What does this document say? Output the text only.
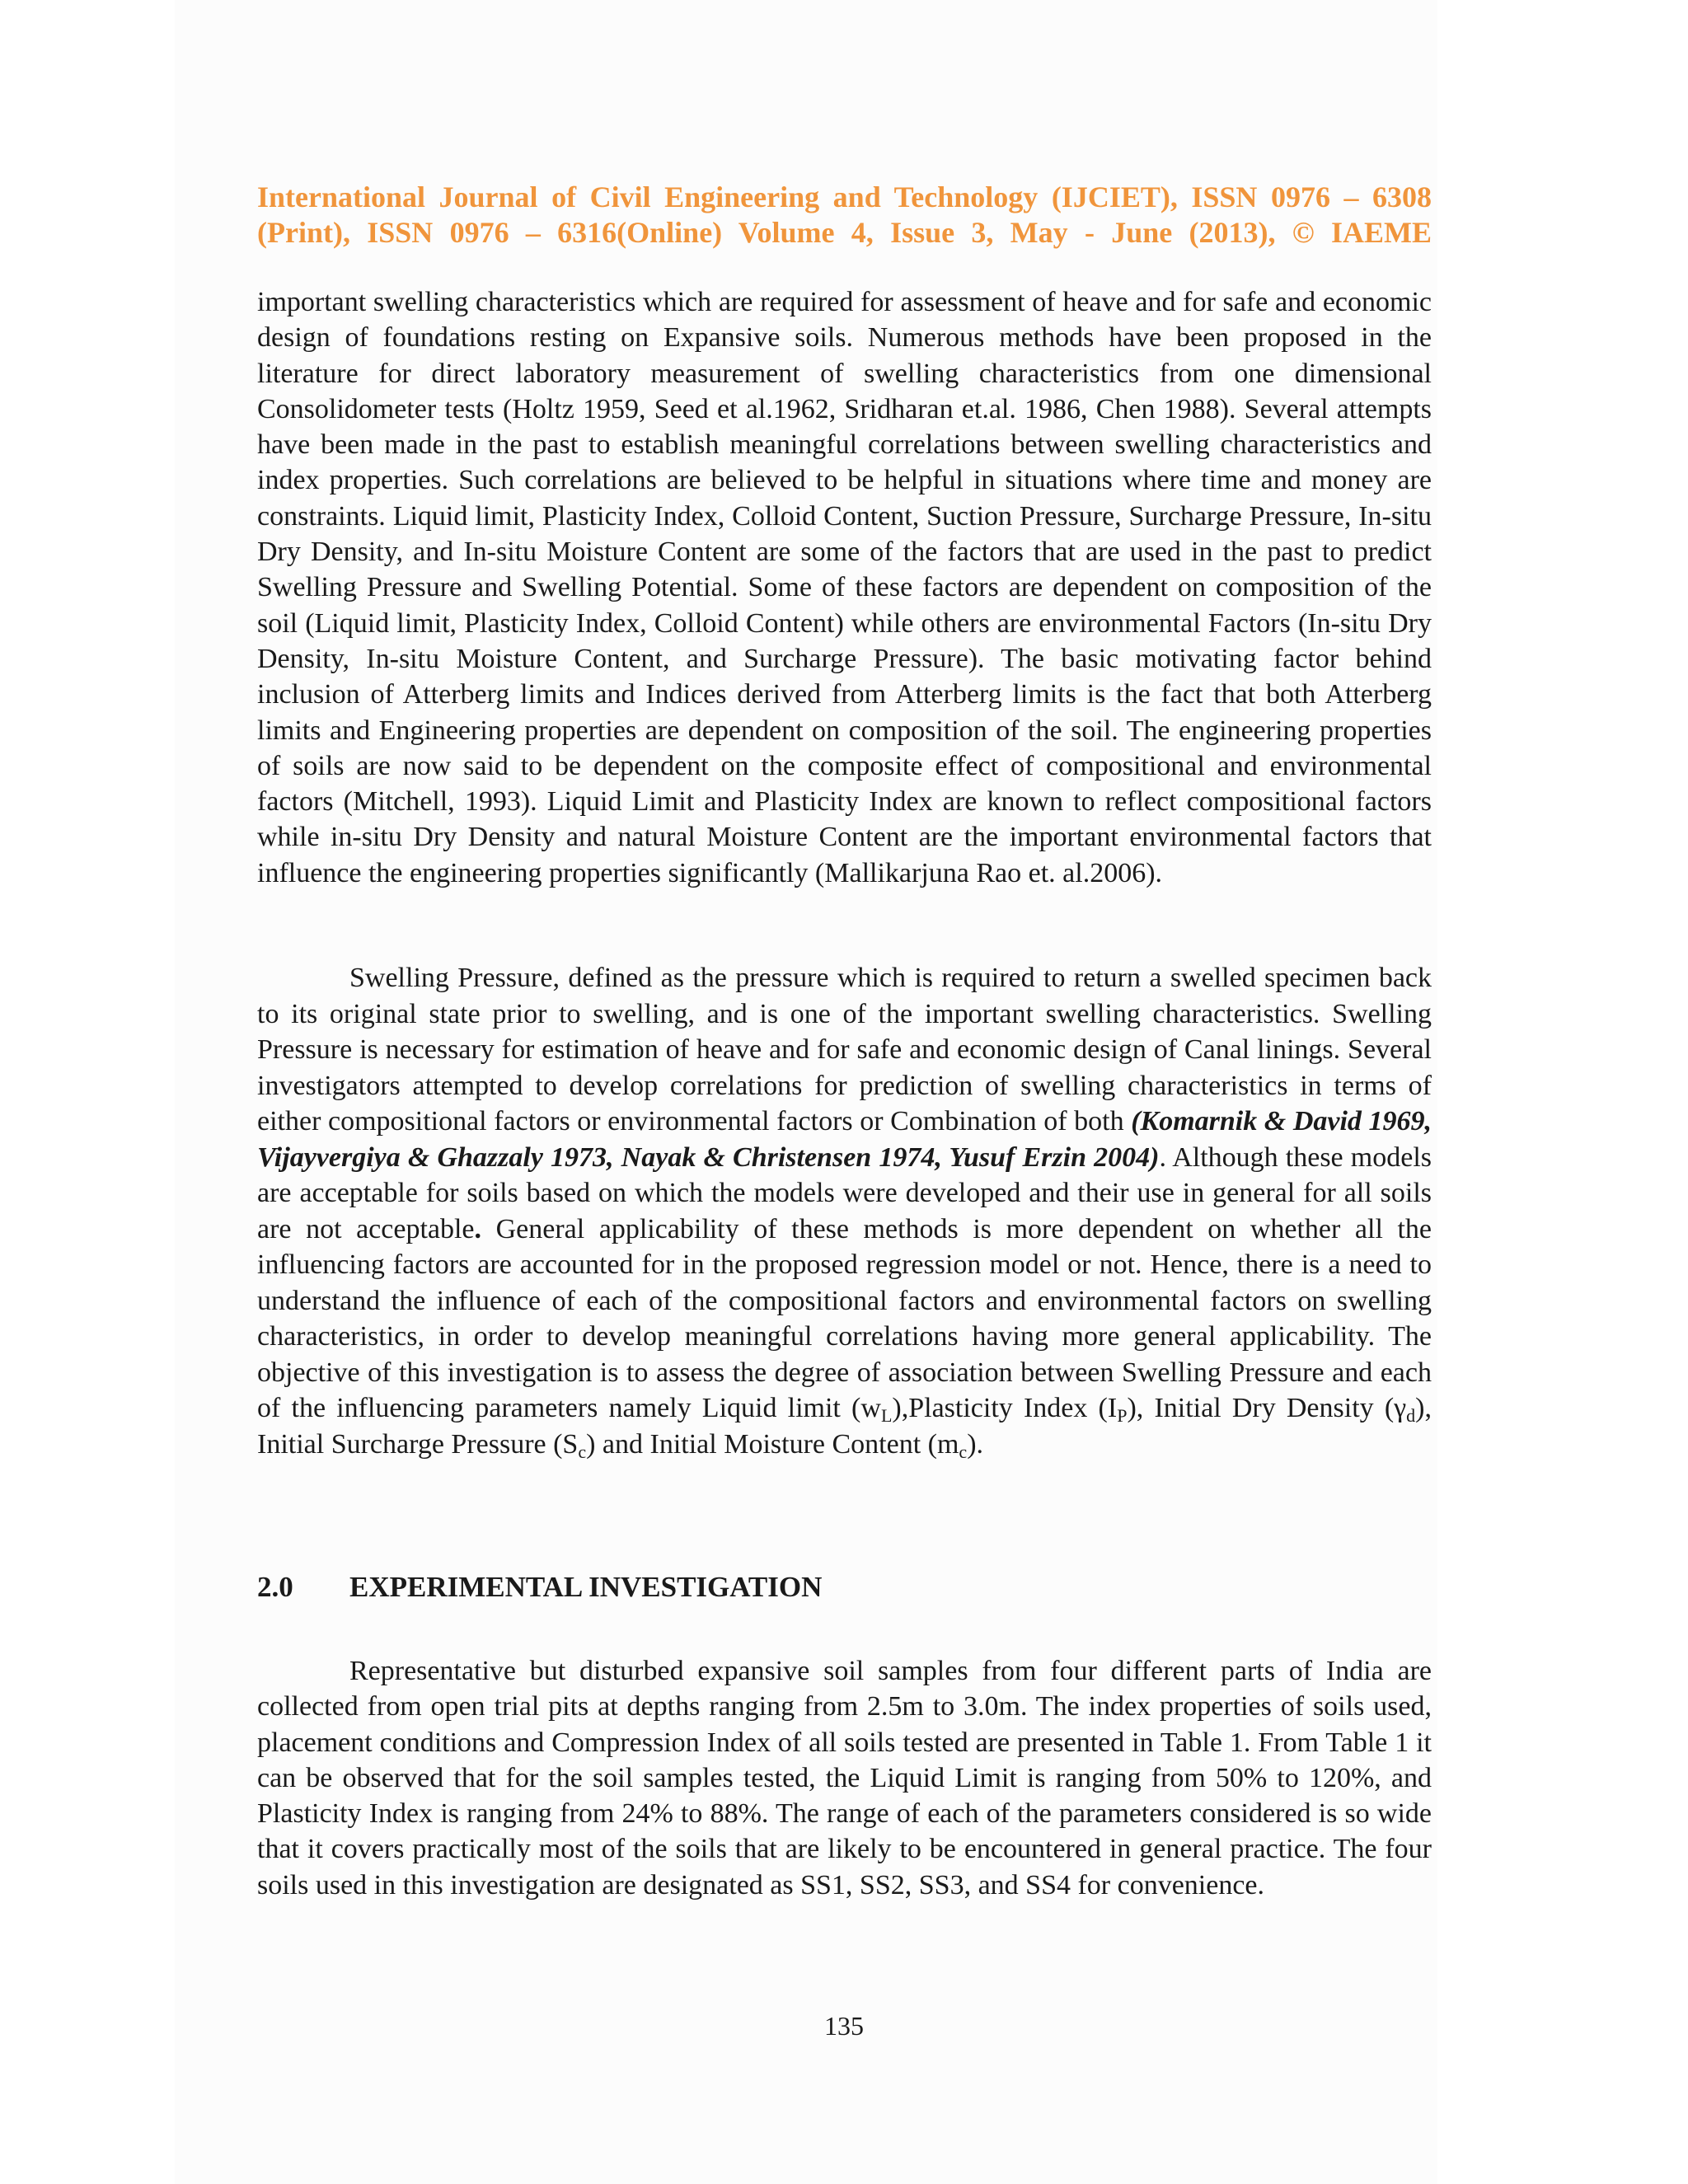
International Journal of Civil Engineering and Technology (IJCIET), ISSN 0976 – 6308
(Print), ISSN 0976 – 6316(Online) Volume 4, Issue 3, May - June (2013), © IAEME
important swelling characteristics which are required for assessment of heave and for safe and economic design of foundations resting on Expansive soils. Numerous methods have been proposed in the literature for direct laboratory measurement of swelling characteristics from one dimensional Consolidometer tests (Holtz 1959, Seed et al.1962, Sridharan et.al. 1986, Chen 1988). Several attempts have been made in the past to establish meaningful correlations between swelling characteristics and index properties. Such correlations are believed to be helpful in situations where time and money are constraints. Liquid limit, Plasticity Index, Colloid Content, Suction Pressure, Surcharge Pressure, In-situ Dry Density, and In-situ Moisture Content are some of the factors that are used in the past to predict Swelling Pressure and Swelling Potential. Some of these factors are dependent on composition of the soil (Liquid limit, Plasticity Index, Colloid Content) while others are environmental Factors (In-situ Dry Density, In-situ Moisture Content, and Surcharge Pressure). The basic motivating factor behind inclusion of Atterberg limits and Indices derived from Atterberg limits is the fact that both Atterberg limits and Engineering properties are dependent on composition of the soil. The engineering properties of soils are now said to be dependent on the composite effect of compositional and environmental factors (Mitchell, 1993). Liquid Limit and Plasticity Index are known to reflect compositional factors while in-situ Dry Density and natural Moisture Content are the important environmental factors that influence the engineering properties significantly (Mallikarjuna Rao et. al.2006).
Swelling Pressure, defined as the pressure which is required to return a swelled specimen back to its original state prior to swelling, and is one of the important swelling characteristics. Swelling Pressure is necessary for estimation of heave and for safe and economic design of Canal linings. Several investigators attempted to develop correlations for prediction of swelling characteristics in terms of either compositional factors or environmental factors or Combination of both (Komarnik & David 1969, Vijayvergiya & Ghazzaly 1973, Nayak & Christensen 1974, Yusuf Erzin 2004). Although these models are acceptable for soils based on which the models were developed and their use in general for all soils are not acceptable. General applicability of these methods is more dependent on whether all the influencing factors are accounted for in the proposed regression model or not. Hence, there is a need to understand the influence of each of the compositional factors and environmental factors on swelling characteristics, in order to develop meaningful correlations having more general applicability. The objective of this investigation is to assess the degree of association between Swelling Pressure and each of the influencing parameters namely Liquid limit $(w_L),Plasticity$ Index $(I_P)$, Initial Dry Density $(\gamma_d)$, Initial Surcharge Pressure $(S_c)$ and Initial Moisture Content $(m_c)$.
2.0 EXPERIMENTAL INVESTIGATION
Representative but disturbed expansive soil samples from four different parts of India are collected from open trial pits at depths ranging from 2.5m to 3.0m. The index properties of soils used, placement conditions and Compression Index of all soils tested are presented in Table 1. From Table 1 it can be observed that for the soil samples tested, the Liquid Limit is ranging from 50% to 120%, and Plasticity Index is ranging from 24% to 88%. The range of each of the parameters considered is so wide that it covers practically most of the soils that are likely to be encountered in general practice. The four soils used in this investigation are designated as SS1, SS2, SS3, and SS4 for convenience.
135
